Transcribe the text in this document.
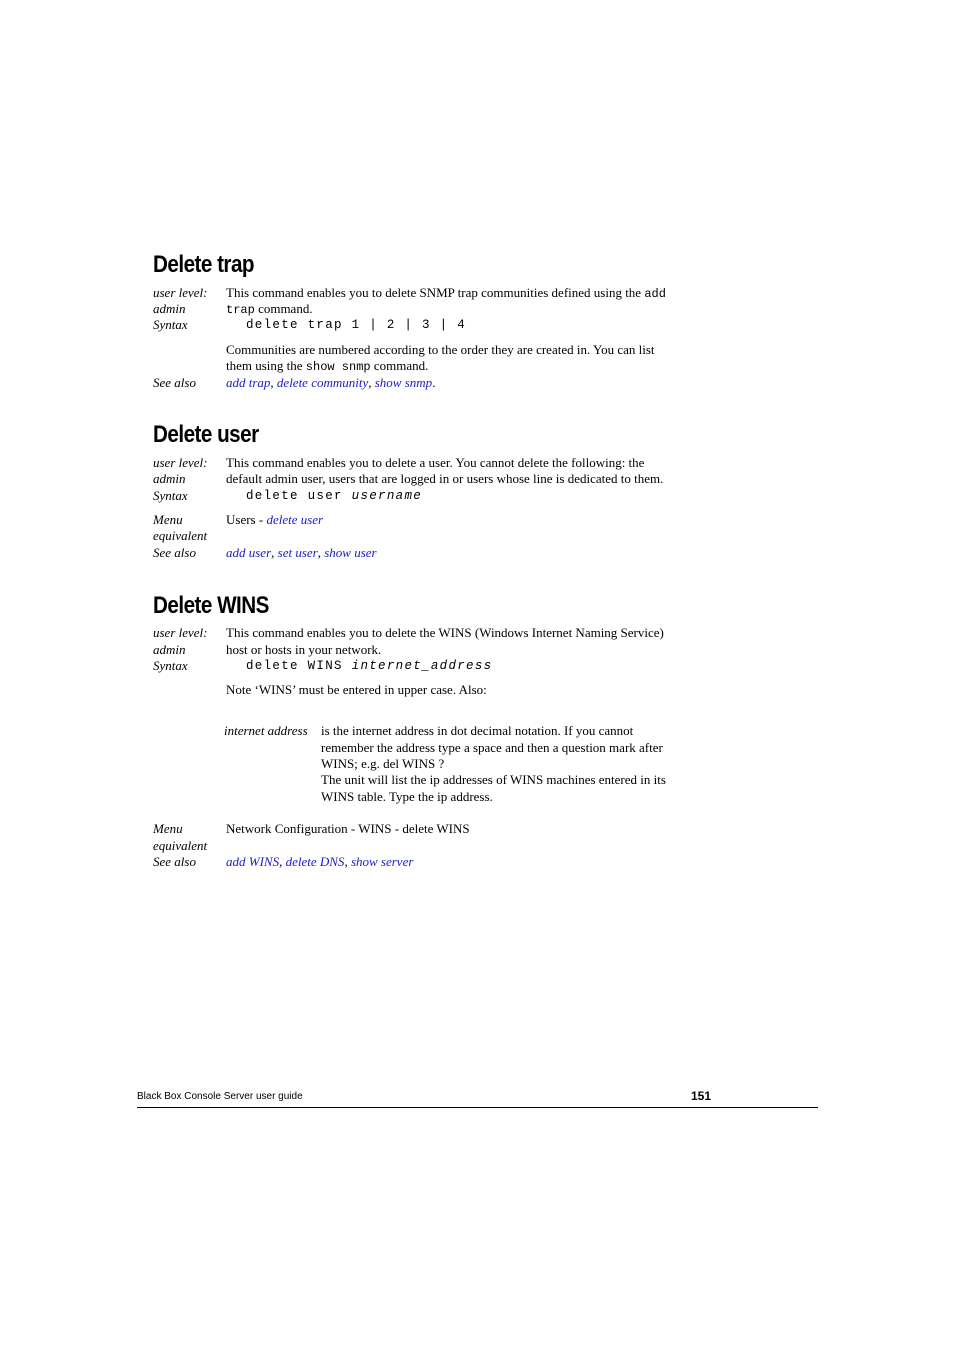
Delete trap
user level:
admin
Syntax
This command enables you to delete SNMP trap communities defined using the add
trap command.
delete trap 1 | 2 | 3 | 4
Communities are numbered according to the order they are created in. You can list
them using the show snmp command.
See also add trap, delete community, show snmp.
Delete user
user level:
admin
Syntax
This command enables you to delete a user. You cannot delete the following: the
default admin user, users that are logged in or users whose line is dedicated to them.
delete user username
Menu
equivalent
Users - delete user
See also add user, set user, show user
Delete WINS
user level:
admin
Syntax
This command enables you to delete the WINS (Windows Internet Naming Service)
host or hosts in your network.
delete WINS internet_address
Note ‘WINS’ must be entered in upper case. Also:
internet address is the internet address in dot decimal notation. If you cannot
remember the address type a space and then a question mark after
WINS; e.g. del WINS ?
The unit will list the ip addresses of WINS machines entered in its
WINS table. Type the ip address.
Menu
equivalent
Network Configuration - WINS - delete WINS
See also add WINS, delete DNS, show server
Black Box Console Server user guide	151
